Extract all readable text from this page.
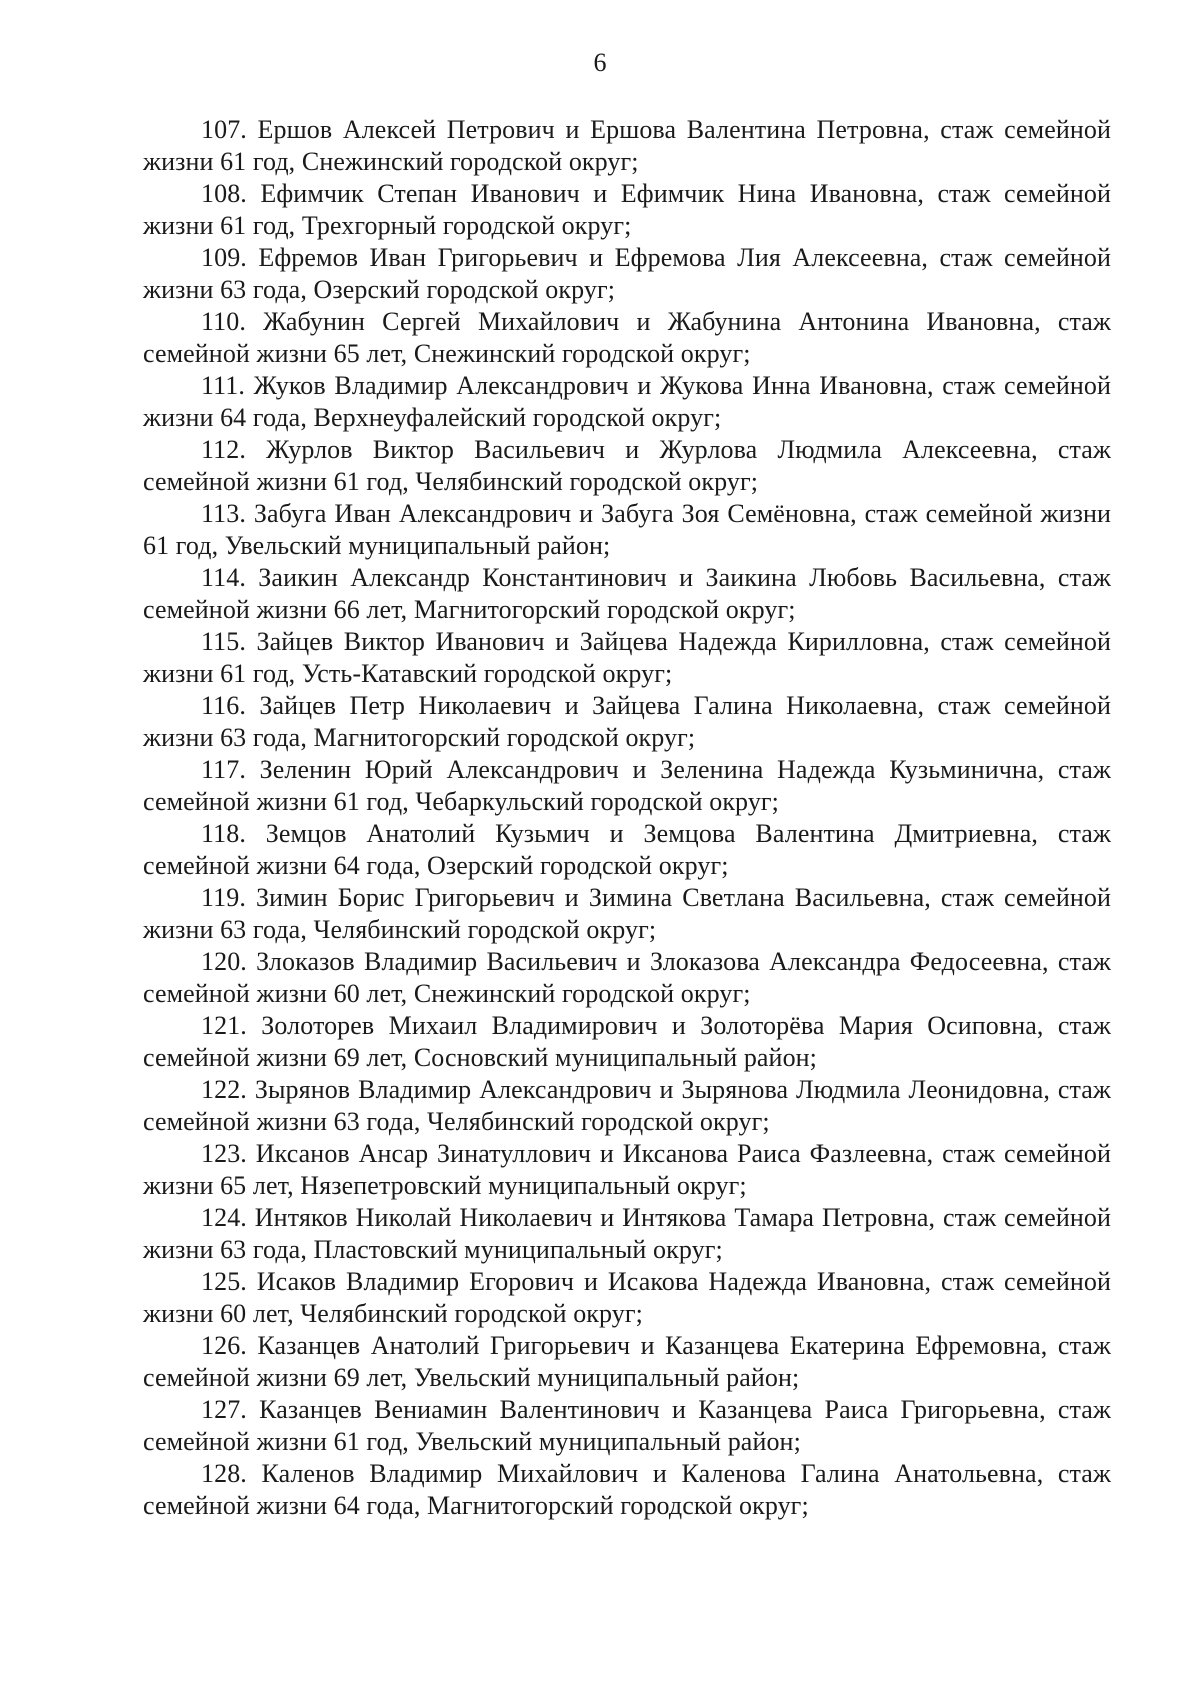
6

107. Ершов Алексей Петрович и Ершова Валентина Петровна, стаж семейной жизни 61 год, Снежинский городской округ;

108. Ефимчик Степан Иванович и Ефимчик Нина Ивановна, стаж семейной жизни 61 год, Трехгорный городской округ;

109. Ефремов Иван Григорьевич и Ефремова Лия Алексеевна, стаж семейной жизни 63 года, Озерский городской округ;

110. Жабунин Сергей Михайлович и Жабунина Антонина Ивановна, стаж семейной жизни 65 лет, Снежинский городской округ;

111. Жуков Владимир Александрович и Жукова Инна Ивановна, стаж семейной жизни 64 года, Верхнеуфалейский городской округ;

112. Журлов Виктор Васильевич и Журлова Людмила Алексеевна, стаж семейной жизни 61 год, Челябинский городской округ;

113. Забуга Иван Александрович и Забуга Зоя Семёновна, стаж семейной жизни 61 год, Увельский муниципальный район;

114. Заикин Александр Константинович и Заикина Любовь Васильевна, стаж семейной жизни 66 лет, Магнитогорский городской округ;

115. Зайцев Виктор Иванович и Зайцева Надежда Кирилловна, стаж семейной жизни 61 год, Усть-Катавский городской округ;

116. Зайцев Петр Николаевич и Зайцева Галина Николаевна, стаж семейной жизни 63 года, Магнитогорский городской округ;

117. Зеленин Юрий Александрович и Зеленина Надежда Кузьминична, стаж семейной жизни 61 год, Чебаркульский городской округ;

118. Земцов Анатолий Кузьмич и Земцова Валентина Дмитриевна, стаж семейной жизни 64 года, Озерский городской округ;

119. Зимин Борис Григорьевич и Зимина Светлана Васильевна, стаж семейной жизни 63 года, Челябинский городской округ;

120. Злоказов Владимир Васильевич и Злоказова Александра Федосеевна, стаж семейной жизни 60 лет, Снежинский городской округ;

121. Золоторев Михаил Владимирович и Золоторёва Мария Осиповна, стаж семейной жизни 69 лет, Сосновский муниципальный район;

122. Зырянов Владимир Александрович и Зырянова Людмила Леонидовна, стаж семейной жизни 63 года, Челябинский городской округ;

123. Иксанов Ансар Зинатуллович и Иксанова Раиса Фазлеевна, стаж семейной жизни 65 лет, Нязепетровский муниципальный округ;

124. Интяков Николай Николаевич и Интякова Тамара Петровна, стаж семейной жизни 63 года, Пластовский муниципальный округ;

125. Исаков Владимир Егорович и Исакова Надежда Ивановна, стаж семейной жизни 60 лет, Челябинский городской округ;

126. Казанцев Анатолий Григорьевич и Казанцева Екатерина Ефремовна, стаж семейной жизни 69 лет, Увельский муниципальный район;

127. Казанцев Вениамин Валентинович и Казанцева Раиса Григорьевна, стаж семейной жизни 61 год, Увельский муниципальный район;

128. Каленов Владимир Михайлович и Каленова Галина Анатольевна, стаж семейной жизни 64 года, Магнитогорский городской округ;
